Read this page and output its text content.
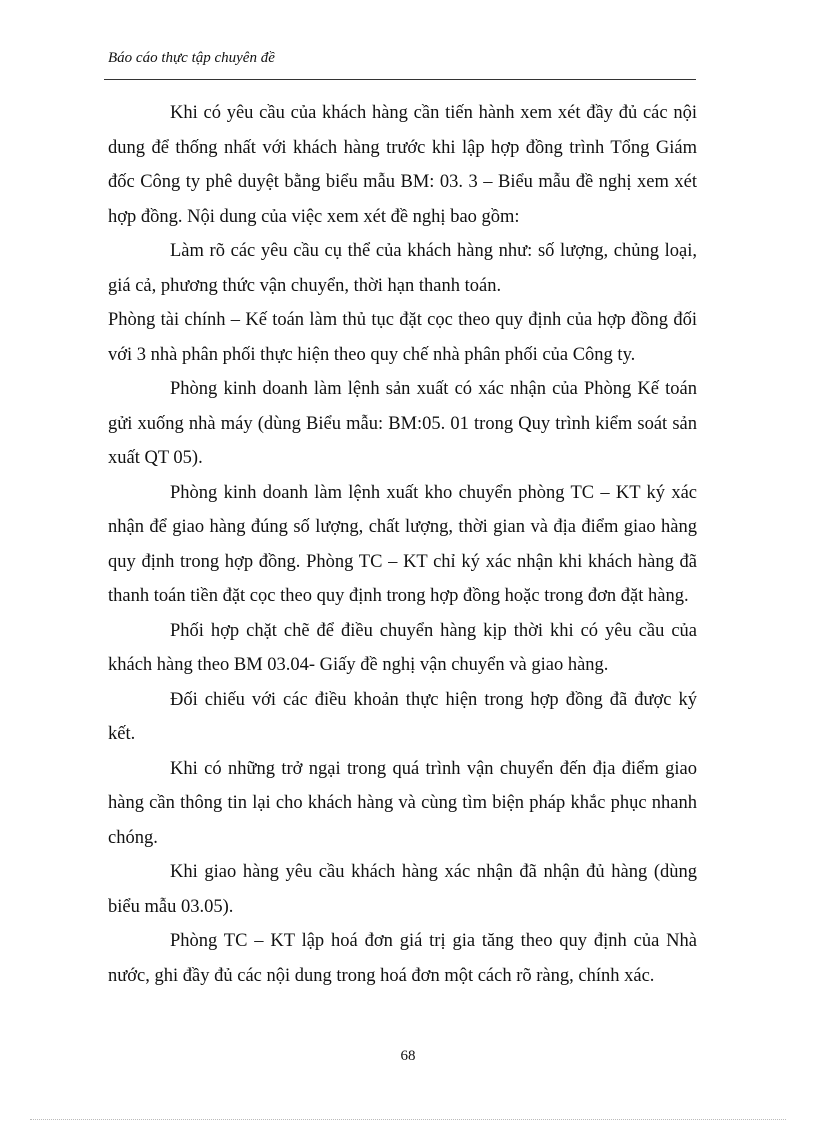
Báo cáo thực tập chuyên đề

Khi có yêu cầu của khách hàng cần tiến hành xem xét đầy đủ các nội dung để thống nhất với khách hàng trước khi lập hợp đồng trình Tổng Giám đốc Công ty phê duyệt bằng biểu mẫu BM: 03. 3 – Biểu mẫu đề nghị xem xét hợp đồng. Nội dung của việc xem xét đề nghị bao gồm:

Làm rõ các yêu cầu cụ thể của khách hàng như: số lượng, chủng loại, giá cả, phương thức vận chuyển, thời hạn thanh toán.

Phòng tài chính – Kế toán làm thủ tục đặt cọc theo quy định của hợp đồng đối với 3 nhà phân phối thực hiện theo quy chế nhà phân phối của Công ty.

Phòng kinh doanh làm lệnh sản xuất có xác nhận của Phòng Kế toán gửi xuống nhà máy (dùng Biểu mẫu: BM:05. 01 trong Quy trình kiểm soát sản xuất QT 05).

Phòng kinh doanh làm lệnh xuất kho chuyển phòng TC – KT ký xác nhận để giao hàng đúng số lượng, chất lượng, thời gian và địa điểm giao hàng quy định trong hợp đồng. Phòng TC – KT chỉ ký xác nhận khi khách hàng đã thanh toán tiền đặt cọc theo quy định trong hợp đồng hoặc trong đơn đặt hàng.

Phối hợp chặt chẽ để điều chuyển hàng kịp thời khi có yêu cầu của khách hàng theo BM 03.04- Giấy đề nghị vận chuyển và giao hàng.

Đối chiếu với các điều khoản thực hiện trong hợp đồng đã được ký kết.

Khi có những trở ngại trong quá trình vận chuyển đến địa điểm giao hàng cần thông tin lại cho khách hàng và cùng tìm biện pháp khắc phục nhanh chóng.

Khi giao hàng yêu cầu khách hàng xác nhận đã nhận đủ hàng (dùng biểu mẫu 03.05).

Phòng TC – KT lập hoá đơn giá trị gia tăng theo quy định của Nhà nước, ghi đầy đủ các nội dung trong hoá đơn một cách rõ ràng, chính xác.

68
